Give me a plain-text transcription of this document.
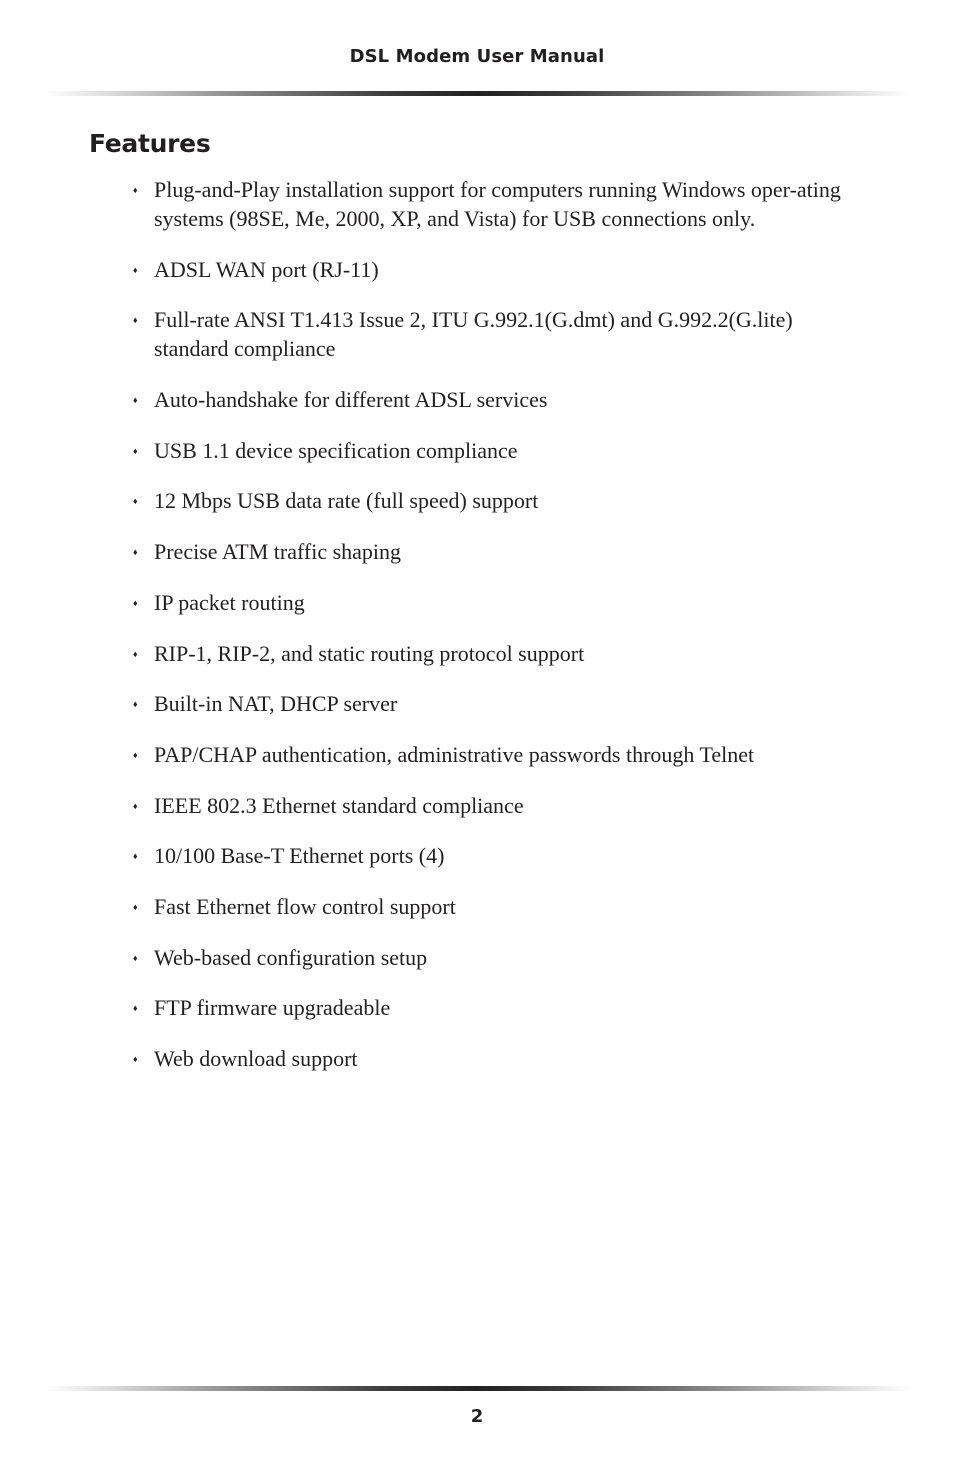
DSL Modem User Manual
Features
♦ Plug-and-Play installation support for computers running Windows oper-ating systems (98SE, Me, 2000, XP, and Vista) for USB connections only.
♦ ADSL WAN port (RJ-11)
♦ Full-rate ANSI T1.413 Issue 2, ITU G.992.1(G.dmt) and G.992.2(G.lite) standard compliance
♦ Auto-handshake for different ADSL services
♦ USB 1.1 device specification compliance
♦ 12 Mbps USB data rate (full speed) support
♦ Precise ATM traffic shaping
♦ IP packet routing
♦ RIP-1, RIP-2, and static routing protocol support
♦ Built-in NAT, DHCP server
♦ PAP/CHAP authentication, administrative passwords through Telnet
♦ IEEE 802.3 Ethernet standard compliance
♦ 10/100 Base-T Ethernet ports (4)
♦ Fast Ethernet flow control support
♦ Web-based configuration setup
♦ FTP firmware upgradeable
♦ Web download support
2
